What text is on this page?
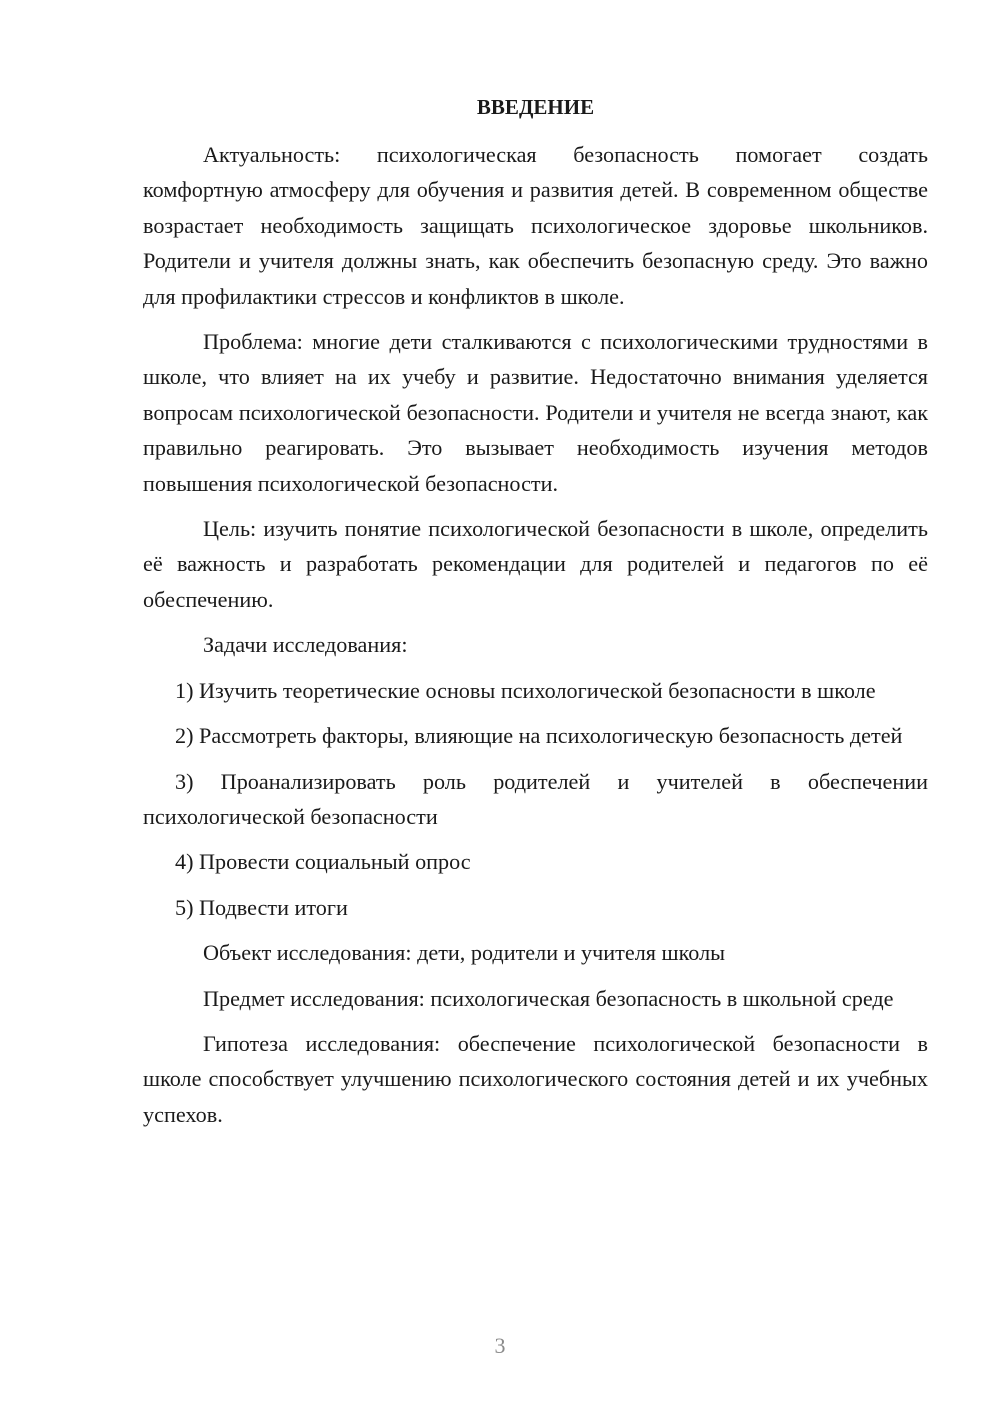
ВВЕДЕНИЕ

Актуальность: психологическая безопасность помогает создать комфортную атмосферу для обучения и развития детей. В современном обществе возрастает необходимость защищать психологическое здоровье школьников. Родители и учителя должны знать, как обеспечить безопасную среду. Это важно для профилактики стрессов и конфликтов в школе.

Проблема: многие дети сталкиваются с психологическими трудностями в школе, что влияет на их учебу и развитие. Недостаточно внимания уделяется вопросам психологической безопасности. Родители и учителя не всегда знают, как правильно реагировать. Это вызывает необходимость изучения методов повышения психологической безопасности.

Цель: изучить понятие психологической безопасности в школе, определить её важность и разработать рекомендации для родителей и педагогов по её обеспечению.

Задачи исследования:

1) Изучить теоретические основы психологической безопасности в школе

2) Рассмотреть факторы, влияющие на психологическую безопасность детей

3) Проанализировать роль родителей и учителей в обеспечении психологической безопасности

4) Провести социальный опрос

5) Подвести итоги

Объект исследования: дети, родители и учителя школы

Предмет исследования: психологическая безопасность в школьной среде

Гипотеза исследования: обеспечение психологической безопасности в школе способствует улучшению психологического состояния детей и их учебных успехов.

3
